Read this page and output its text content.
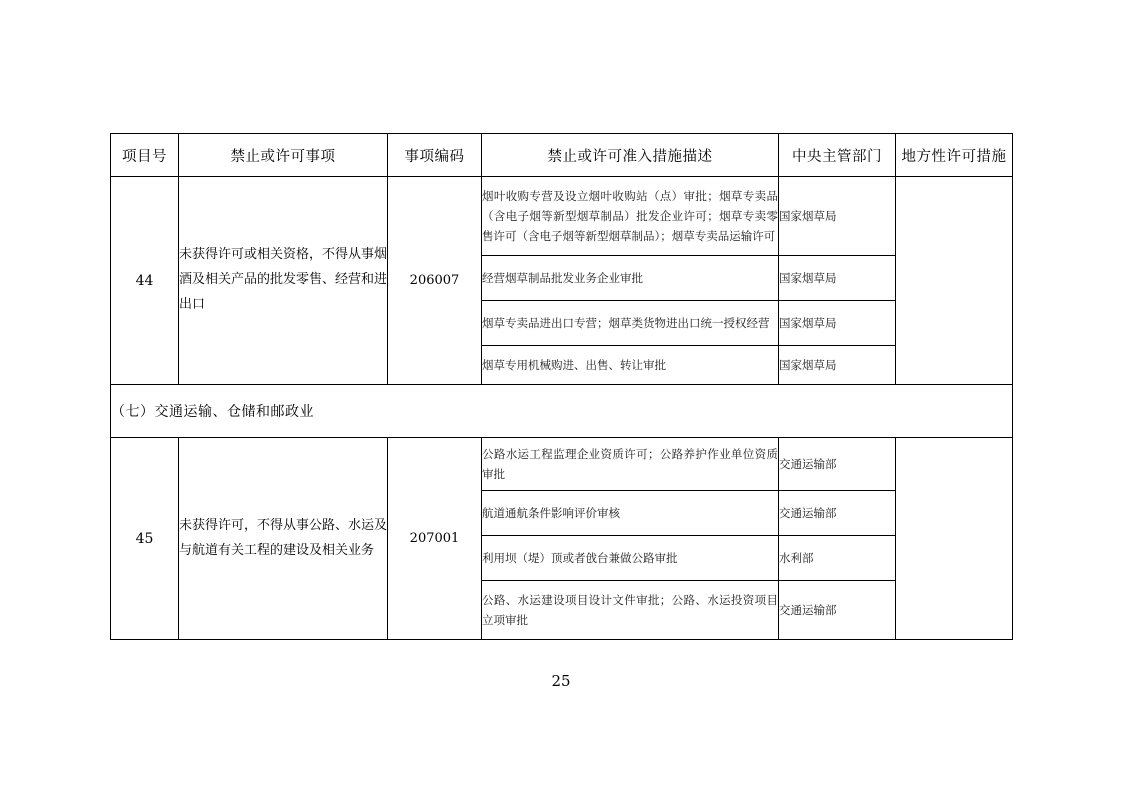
项目号	禁止或许可事项	事项编码	禁止或许可准入措施描述	中央主管部门	地方性许可措施
44	未获得许可或相关资格，不得从事烟酒及相关产品的批发零售、经营和进出口	206007	烟叶收购专营及设立烟叶收购站（点）审批；烟草专卖品（含电子烟等新型烟草制品）批发企业许可；烟草专卖零售许可（含电子烟等新型烟草制品）；烟草专卖品运输许可	国家烟草局	
			经营烟草制品批发业务企业审批	国家烟草局	
			烟草专卖品进出口专营；烟草类货物进出口统一授权经营	国家烟草局	
			烟草专用机械购进、出售、转让审批	国家烟草局	
（七）交通运输、仓储和邮政业					
45	未获得许可，不得从事公路、水运及与航道有关工程的建设及相关业务	207001	公路水运工程监理企业资质许可；公路养护作业单位资质审批	交通运输部	
			航道通航条件影响评价审核	交通运输部	
			利用坝（堤）顶或者戗台兼做公路审批	水利部	
			公路、水运建设项目设计文件审批；公路、水运投资项目立项审批	交通运输部	
25
